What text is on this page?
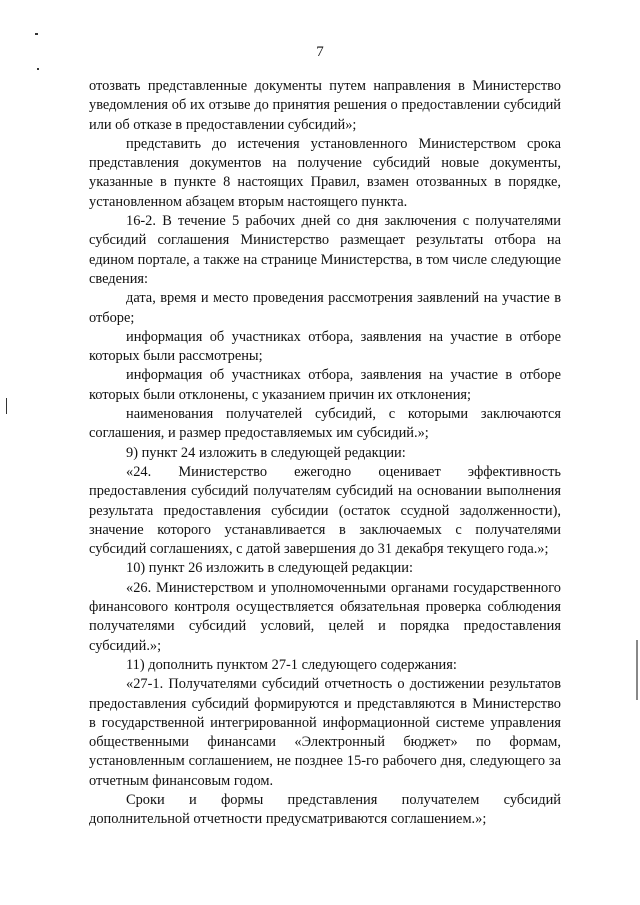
7

отозвать представленные документы путем направления в Министерство уведомления об их отзыве до принятия решения о предоставлении субсидий или об отказе в предоставлении субсидий»;

представить до истечения установленного Министерством срока представления документов на получение субсидий новые документы, указанные в пункте 8 настоящих Правил, взамен отозванных в порядке, установленном абзацем вторым настоящего пункта.

16-2. В течение 5 рабочих дней со дня заключения с получателями субсидий соглашения Министерство размещает результаты отбора на едином портале, а также на странице Министерства, в том числе следующие сведения:

дата, время и место проведения рассмотрения заявлений на участие в отборе;

информация об участниках отбора, заявления на участие в отборе которых были рассмотрены;

информация об участниках отбора, заявления на участие в отборе которых были отклонены, с указанием причин их отклонения;

наименования получателей субсидий, с которыми заключаются соглашения, и размер предоставляемых им субсидий.»;

9) пункт 24 изложить в следующей редакции:

«24. Министерство ежегодно оценивает эффективность предоставления субсидий получателям субсидий на основании выполнения результата предоставления субсидии (остаток ссудной задолженности), значение которого устанавливается в заключаемых с получателями субсидий соглашениях, с датой завершения до 31 декабря текущего года.»;

10) пункт 26 изложить в следующей редакции:

«26. Министерством и уполномоченными органами государственного финансового контроля осуществляется обязательная проверка соблюдения получателями субсидий условий, целей и порядка предоставления субсидий.»;

11) дополнить пунктом 27-1 следующего содержания:

«27-1. Получателями субсидий отчетность о достижении результатов предоставления субсидий формируются и представляются в Министерство в государственной интегрированной информационной системе управления общественными финансами «Электронный бюджет» по формам, установленным соглашением, не позднее 15-го рабочего дня, следующего за отчетным финансовым годом.

Сроки и формы представления получателем субсидий дополнительной отчетности предусматриваются соглашением.»;
